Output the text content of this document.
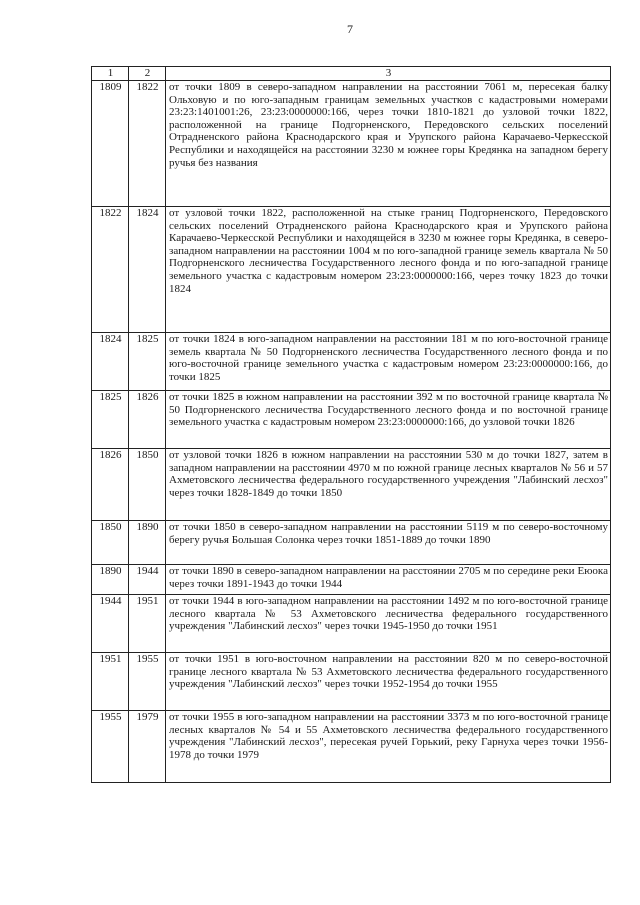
7
1	2	3
1809	1822	от точки 1809 в северо-западном направлении на расстоянии 7061 м, пересекая балку Ольховую и по юго-западным границам земельных участков с кадастровыми номерами 23:23:1401001:26, 23:23:0000000:166, через точки 1810-1821 до узловой точки 1822, расположенной на границе Подгорненского, Передовского сельских поселений Отрадненского района Краснодарского края и Урупского района Карачаево-Черкесской Республики и находящейся на расстоянии 3230 м южнее горы Кредянка на западном берегу ручья без названия
1822	1824	от узловой точки 1822, расположенной на стыке границ Подгорненского, Передовского сельских поселений Отрадненского района Краснодарского края и Урупского района Карачаево-Черкесской Республики и находящейся в 3230 м южнее горы Кредянка, в северо-западном направлении на расстоянии 1004 м по юго-западной границе земель квартала № 50 Подгорненского лесничества Государственного лесного фонда и по юго-западной границе земельного участка с кадастровым номером 23:23:0000000:166, через точку 1823 до точки 1824
1824	1825	от точки 1824 в юго-западном направлении на расстоянии 181 м по юго-восточной границе земель квартала № 50 Подгорненского лесничества Государственного лесного фонда и по юго-восточной границе земельного участка с кадастровым номером 23:23:0000000:166, до точки 1825
1825	1826	от точки 1825 в южном направлении на расстоянии 392 м по восточной границе квартала № 50 Подгорненского лесничества Государственного лесного фонда и по восточной границе земельного участка с кадастровым номером 23:23:0000000:166, до узловой точки 1826
1826	1850	от узловой точки 1826 в южном направлении на расстоянии 530 м до точки 1827, затем в западном направлении на расстоянии 4970 м по южной границе лесных кварталов № 56 и 57 Ахметовского лесничества федерального государственного учреждения "Лабинский лесхоз" через точки 1828-1849 до точки 1850
1850	1890	от точки 1850 в северо-западном направлении на расстоянии 5119 м по северо-восточному берегу ручья Большая Солонка через точки 1851-1889 до точки 1890
1890	1944	от точки 1890 в северо-западном направлении на расстоянии 2705 м по середине реки Еюока через точки 1891-1943 до точки 1944
1944	1951	от точки 1944 в юго-западном направлении на расстоянии 1492 м по юго-восточной границе лесного квартала № 53 Ахметовского лесничества федерального государственного учреждения "Лабинский лесхоз" через точки 1945-1950 до точки 1951
1951	1955	от точки 1951 в юго-восточном направлении на расстоянии 820 м по северо-восточной границе лесного квартала № 53 Ахметовского лесничества федерального государственного учреждения "Лабинский лесхоз" через точки 1952-1954 до точки 1955
1955	1979	от точки 1955 в юго-западном направлении на расстоянии 3373 м по юго-восточной границе лесных кварталов № 54 и 55 Ахметовского лесничества федерального государственного учреждения "Лабинский лесхоз", пересекая ручей Горький, реку Гарнуха через точки 1956-1978 до точки 1979
